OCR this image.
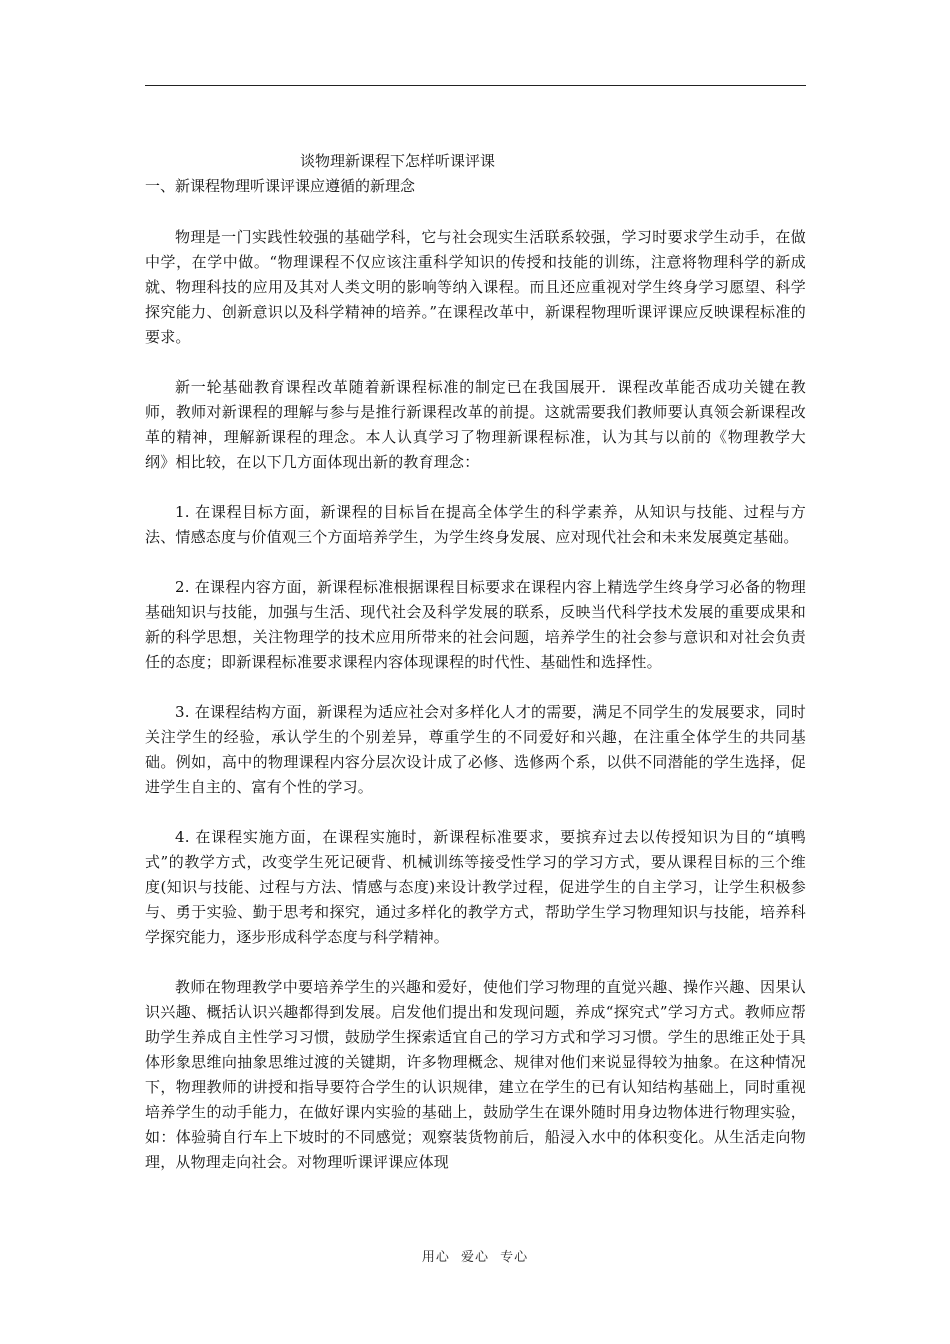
谈物理新课程下怎样听课评课
一、新课程物理听课评课应遵循的新理念

物理是一门实践性较强的基础学科，它与社会现实生活联系较强，学习时要求学生动手，在做中学，在学中做。“物理课程不仅应该注重科学知识的传授和技能的训练，注意将物理科学的新成就、物理科技的应用及其对人类文明的影响等纳入课程。而且还应重视对学生终身学习愿望、科学探究能力、创新意识以及科学精神的培养。”在课程改革中，新课程物理听课评课应反映课程标准的要求。

新一轮基础教育课程改革随着新课程标准的制定已在我国展开．课程改革能否成功关键在教师，教师对新课程的理解与参与是推行新课程改革的前提。这就需要我们教师要认真领会新课程改革的精神，理解新课程的理念。本人认真学习了物理新课程标准，认为其与以前的《物理教学大纲》相比较，在以下几方面体现出新的教育理念：

1. 在课程目标方面，新课程的目标旨在提高全体学生的科学素养，从知识与技能、过程与方法、情感态度与价值观三个方面培养学生，为学生终身发展、应对现代社会和未来发展奠定基础。

2. 在课程内容方面，新课程标准根据课程目标要求在课程内容上精选学生终身学习必备的物理基础知识与技能，加强与生活、现代社会及科学发展的联系，反映当代科学技术发展的重要成果和新的科学思想，关注物理学的技术应用所带来的社会问题，培养学生的社会参与意识和对社会负责任的态度；即新课程标准要求课程内容体现课程的时代性、基础性和选择性。

3. 在课程结构方面，新课程为适应社会对多样化人才的需要，满足不同学生的发展要求，同时关注学生的经验，承认学生的个别差异，尊重学生的不同爱好和兴趣，在注重全体学生的共同基础。例如，高中的物理课程内容分层次设计成了必修、选修两个系，以供不同潜能的学生选择，促进学生自主的、富有个性的学习。

4. 在课程实施方面，在课程实施时，新课程标准要求，要摈弃过去以传授知识为目的“填鸭式”的教学方式，改变学生死记硬背、机械训练等接受性学习的学习方式，要从课程目标的三个维度(知识与技能、过程与方法、情感与态度)来设计教学过程，促进学生的自主学习，让学生积极参与、勇于实验、勤于思考和探究，通过多样化的教学方式，帮助学生学习物理知识与技能，培养科学探究能力，逐步形成科学态度与科学精神。

教师在物理教学中要培养学生的兴趣和爱好，使他们学习物理的直觉兴趣、操作兴趣、因果认识兴趣、概括认识兴趣都得到发展。启发他们提出和发现问题，养成“探究式”学习方式。教师应帮助学生养成自主性学习习惯，鼓励学生探索适宜自己的学习方式和学习习惯。学生的思维正处于具体形象思维向抽象思维过渡的关键期，许多物理概念、规律对他们来说显得较为抽象。在这种情况下，物理教师的讲授和指导要符合学生的认识规律，建立在学生的已有认知结构基础上，同时重视培养学生的动手能力，在做好课内实验的基础上，鼓励学生在课外随时用身边物体进行物理实验，如：体验骑自行车上下坡时的不同感觉；观察装货物前后，船浸入水中的体积变化。从生活走向物理，从物理走向社会。对物理听课评课应体现

用心 爱心 专心
